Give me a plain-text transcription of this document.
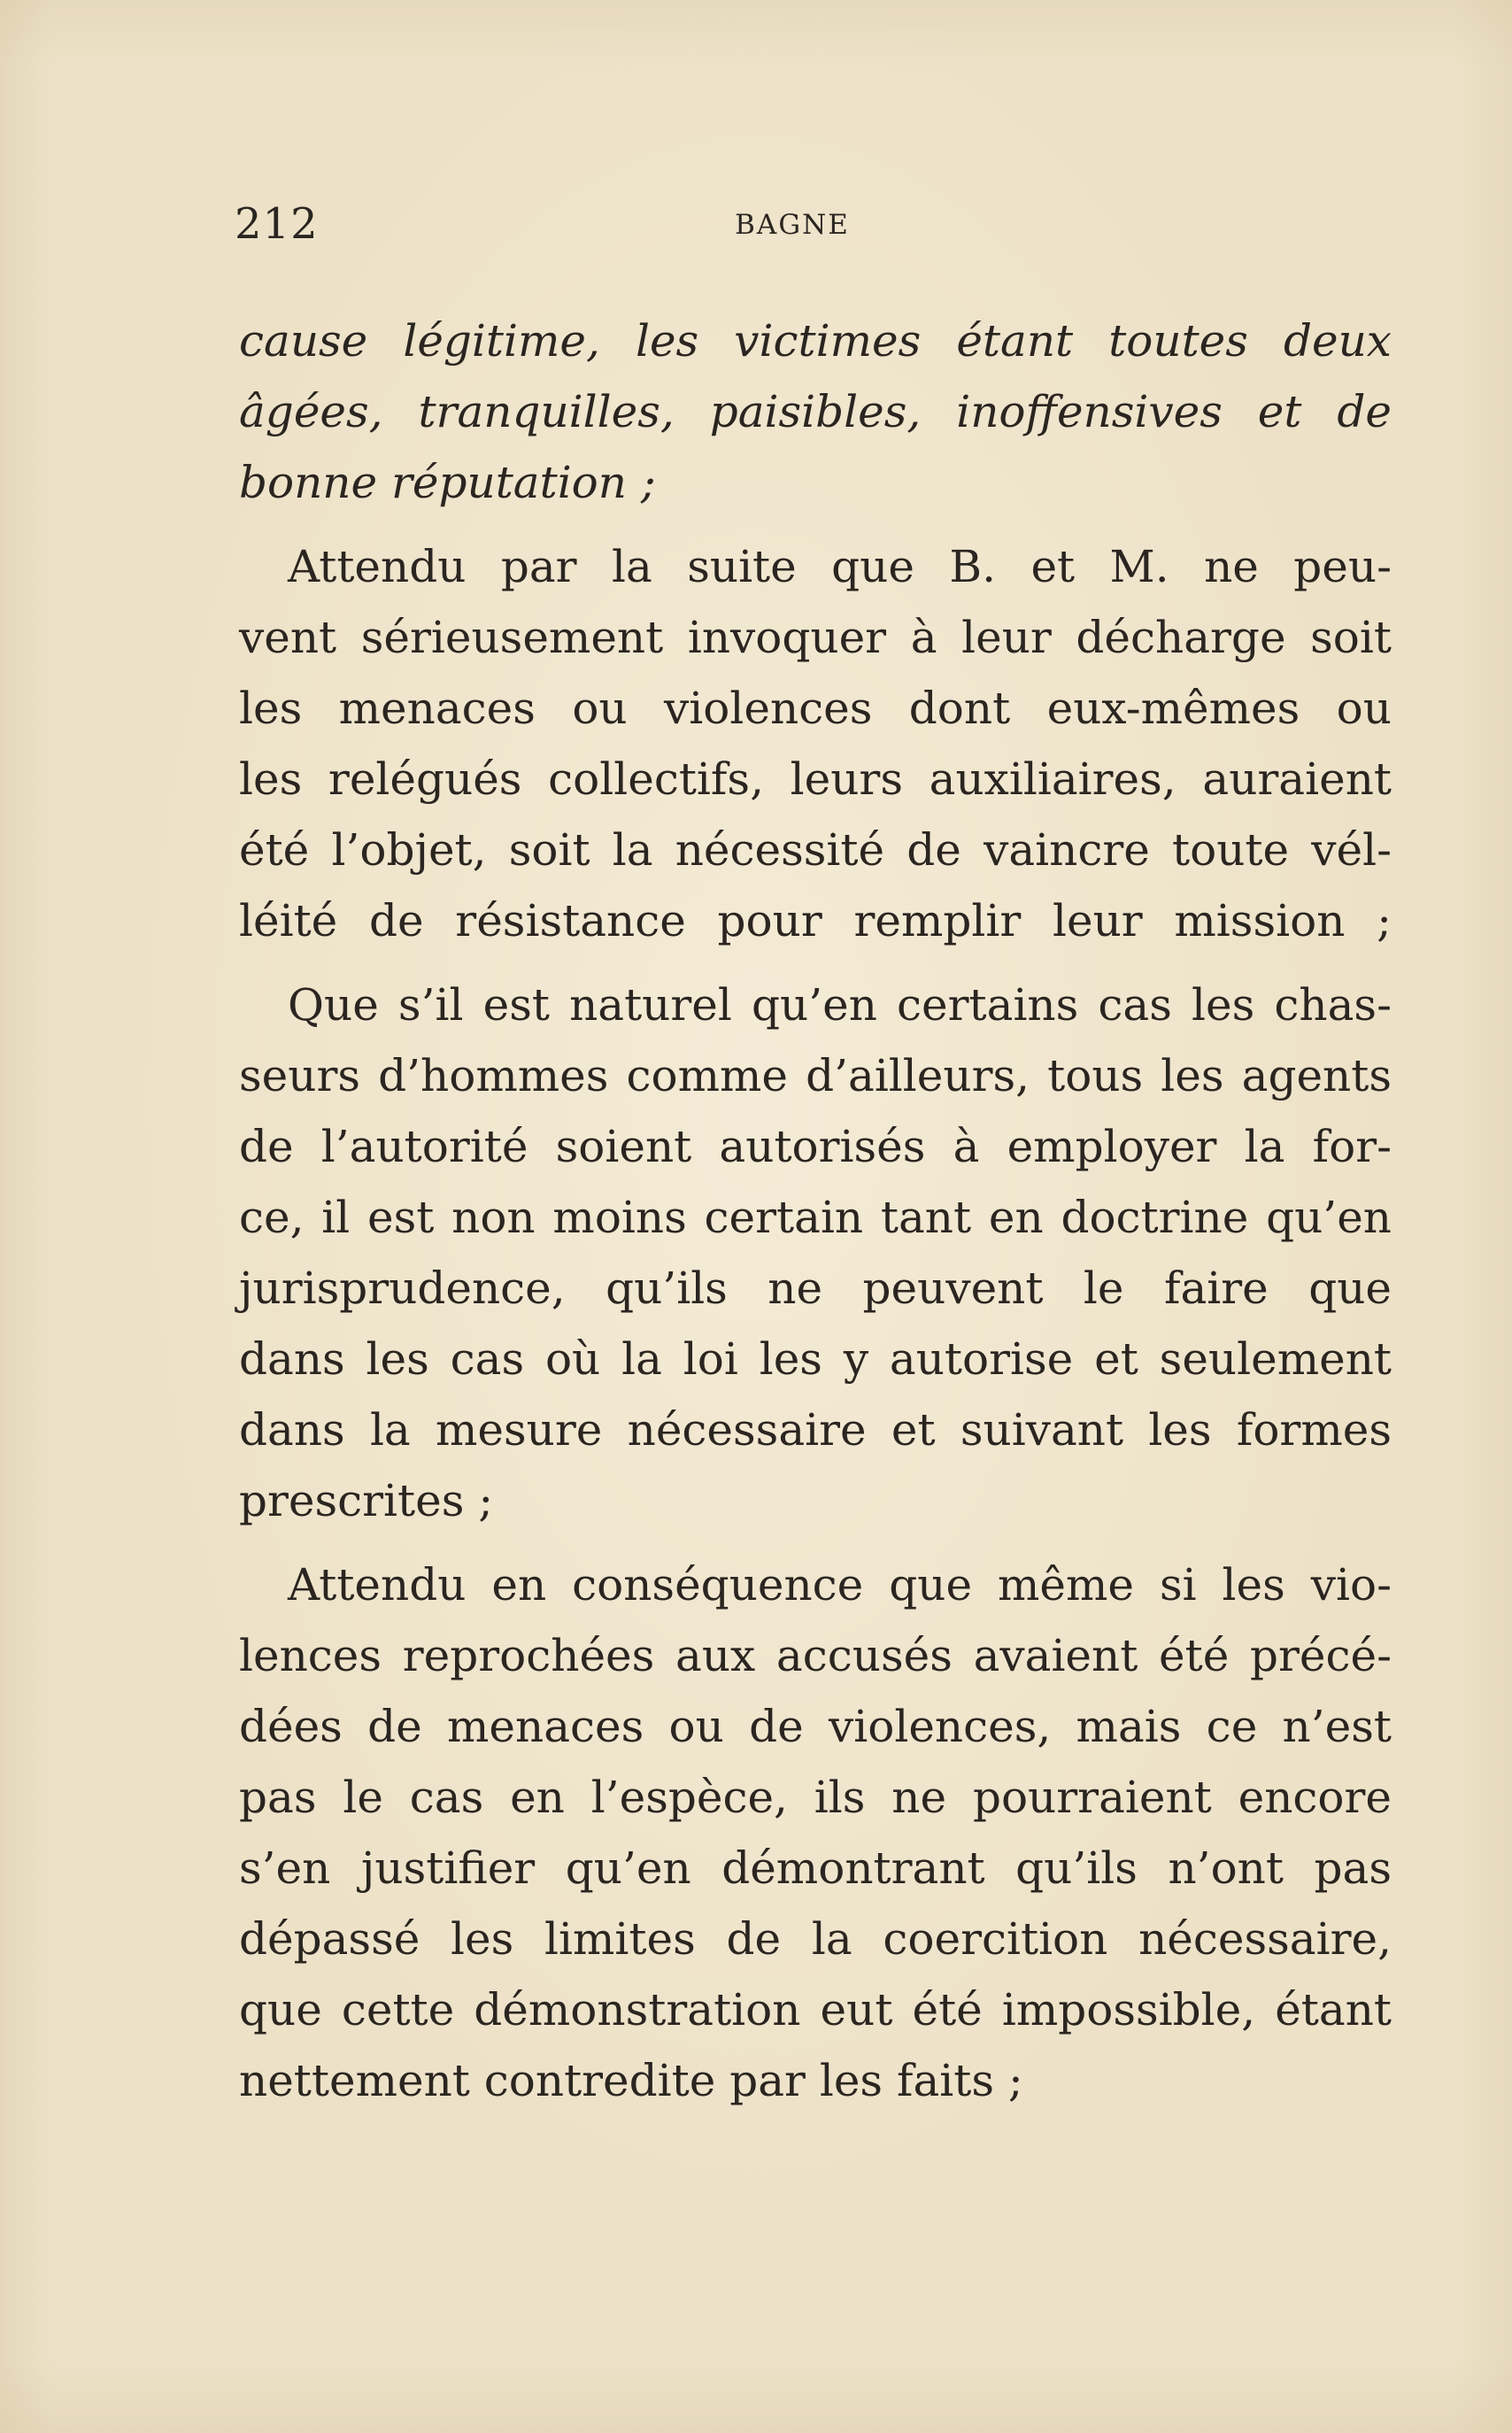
212	BAGNE

cause légitime, les victimes étant toutes deux
âgées, tranquilles, paisibles, inoffensives et de
bonne réputation ;

Attendu par la suite que B. et M. ne peu-
vent sérieusement invoquer à leur décharge soit
les menaces ou violences dont eux-mêmes ou
les relégués collectifs, leurs auxiliaires, auraient
été l’objet, soit la nécessité de vaincre toute vél-
léité de résistance pour remplir leur mission ;

Que s’il est naturel qu’en certains cas les chas-
seurs d’hommes comme d’ailleurs, tous les agents
de l’autorité soient autorisés à employer la for-
ce, il est non moins certain tant en doctrine qu’en
jurisprudence, qu’ils ne peuvent le faire que
dans les cas où la loi les y autorise et seulement
dans la mesure nécessaire et suivant les formes
prescrites ;

Attendu en conséquence que même si les vio-
lences reprochées aux accusés avaient été précé-
dées de menaces ou de violences, mais ce n’est
pas le cas en l’espèce, ils ne pourraient encore
s’en justifier qu’en démontrant qu’ils n’ont pas
dépassé les limites de la coercition nécessaire,
que cette démonstration eut été impossible, étant
nettement contredite par les faits ;
